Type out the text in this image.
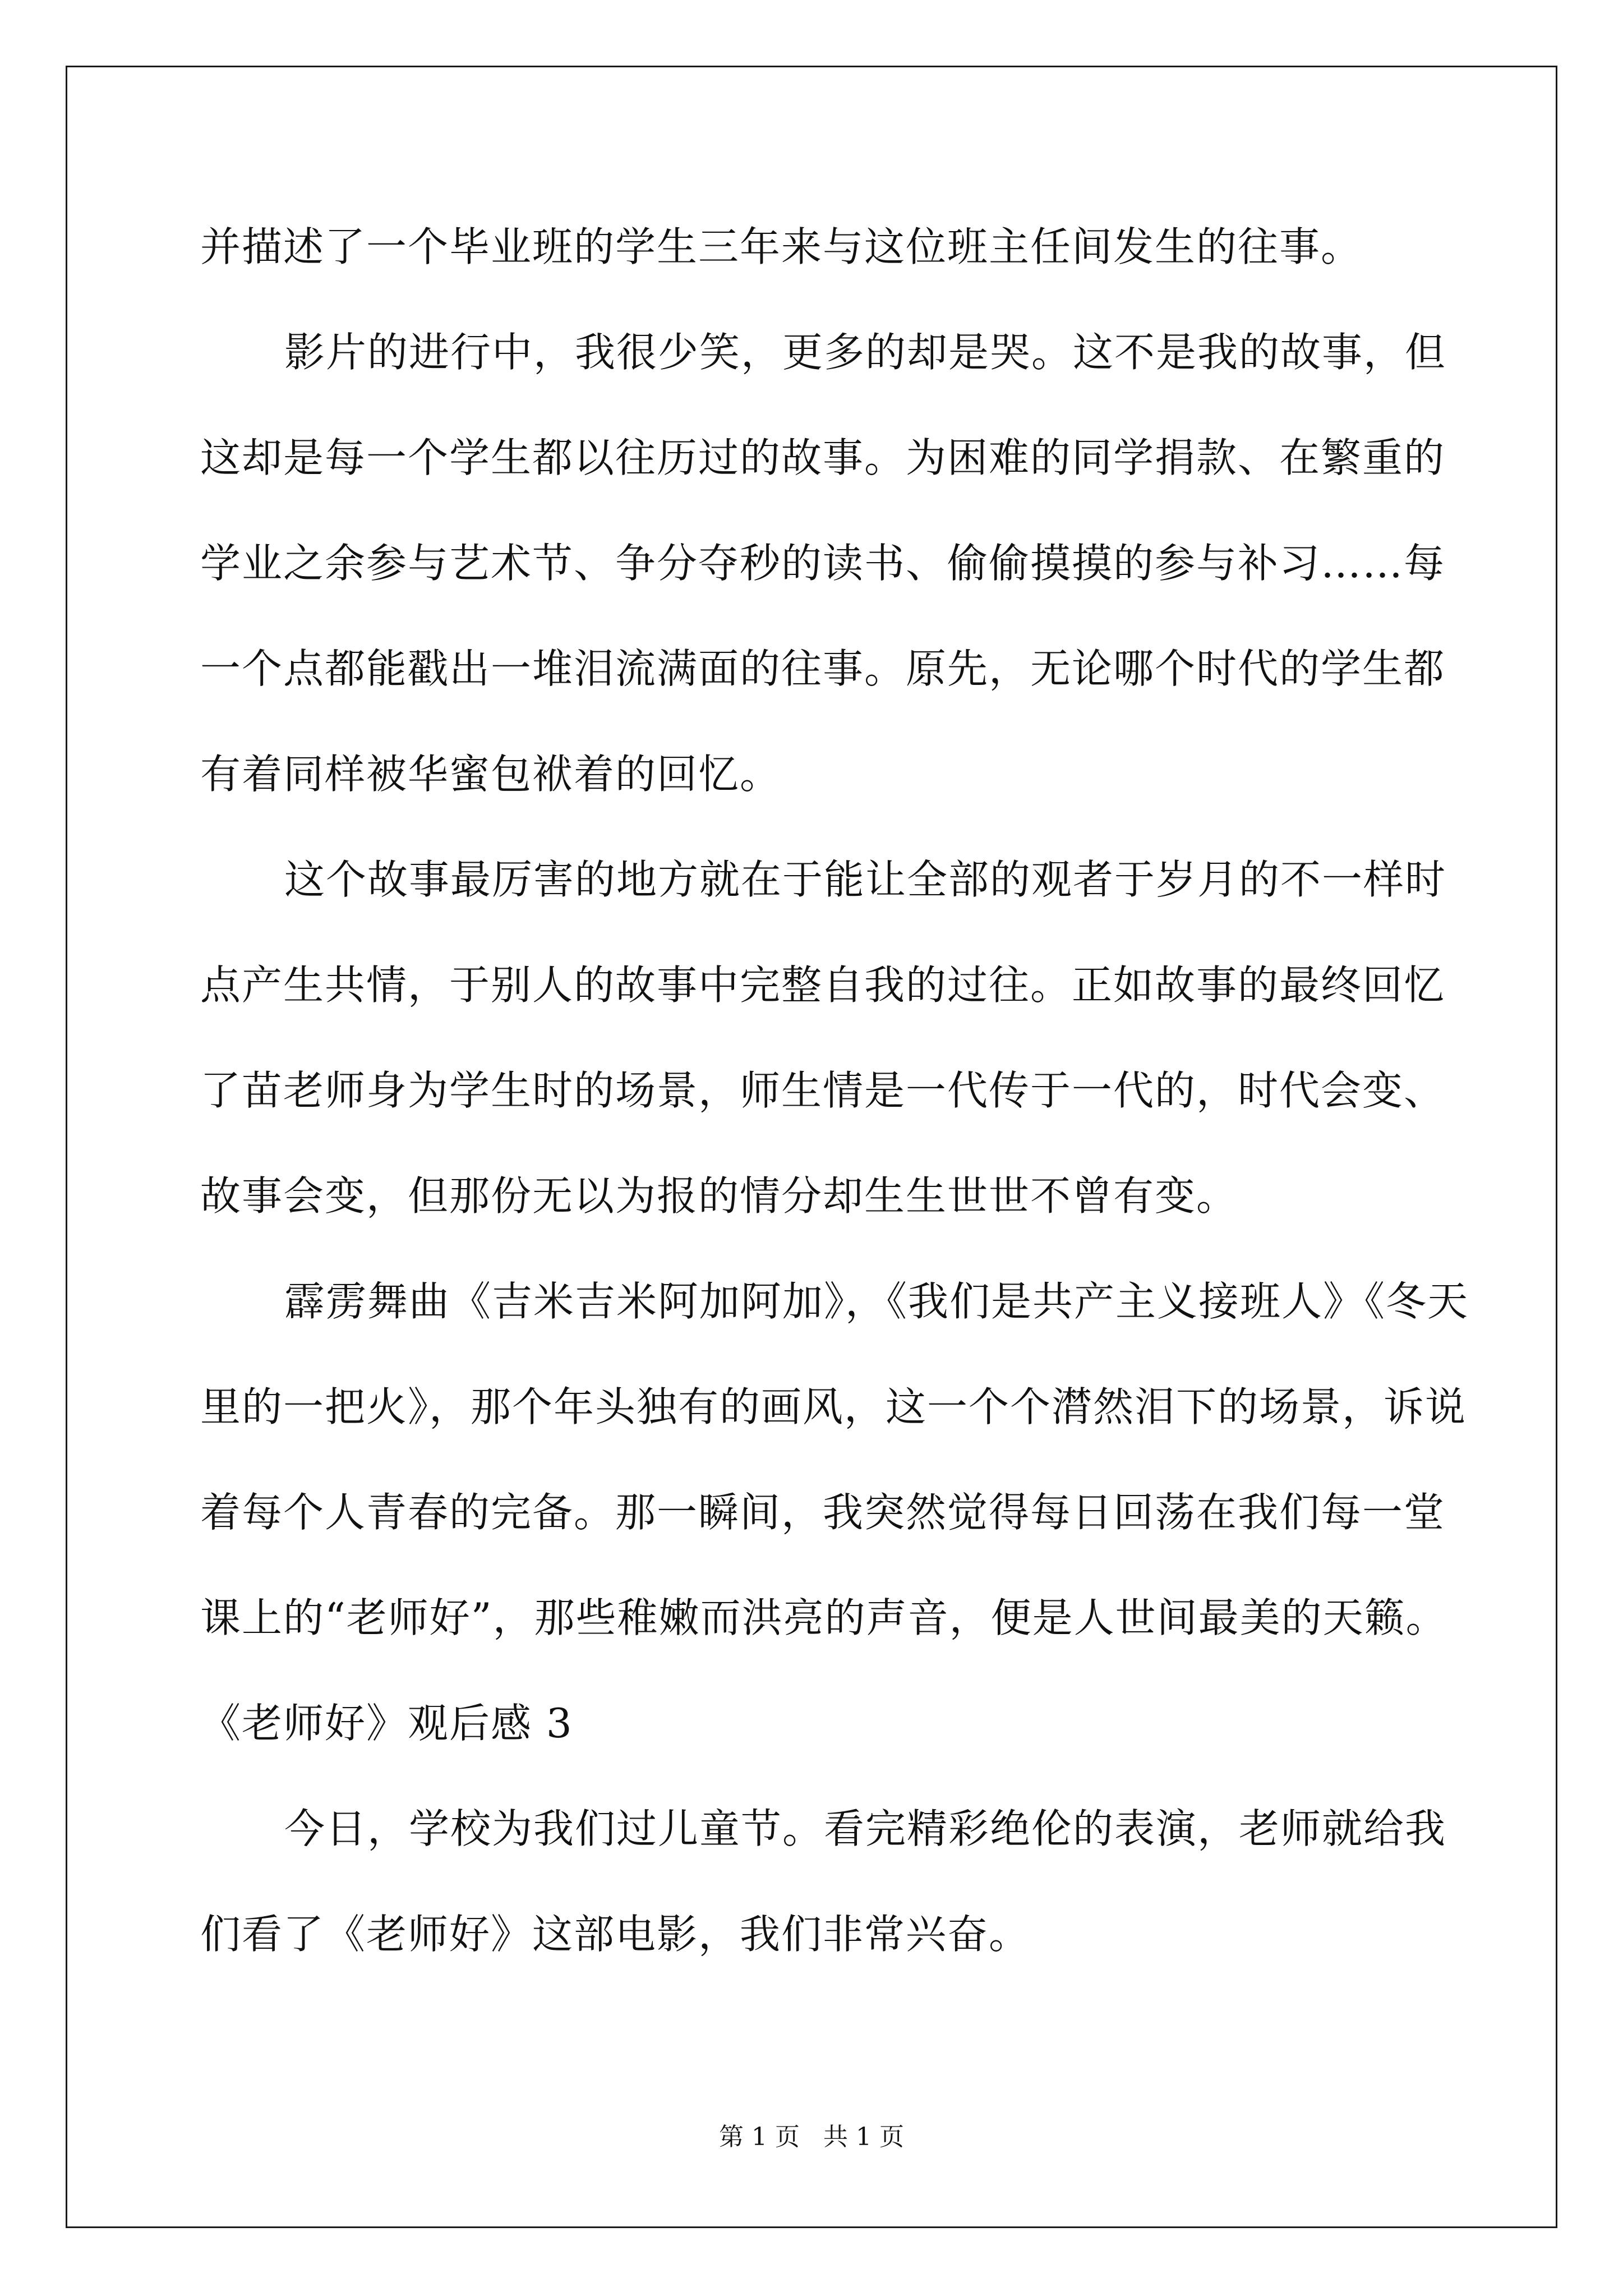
并描述了一个毕业班的学生三年来与这位班主任间发生的往事。
影片的进行中，我很少笑，更多的却是哭。这不是我的故事，但
这却是每一个学生都以往历过的故事。为困难的同学捐款、在繁重的
学业之余参与艺术节、争分夺秒的读书、偷偷摸摸的参与补习……每
一个点都能戳出一堆泪流满面的往事。原先，无论哪个时代的学生都
有着同样被华蜜包袱着的回忆。
这个故事最厉害的地方就在于能让全部的观者于岁月的不一样时
点产生共情，于别人的故事中完整自我的过往。正如故事的最终回忆
了苗老师身为学生时的场景，师生情是一代传于一代的，时代会变、
故事会变，但那份无以为报的情分却生生世世不曾有变。
霹雳舞曲《吉米吉米阿加阿加》，《我们是共产主义接班人》《冬天
里的一把火》，那个年头独有的画风，这一个个潸然泪下的场景，诉说
着每个人青春的完备。那一瞬间，我突然觉得每日回荡在我们每一堂
课上的“老师好”，那些稚嫩而洪亮的声音，便是人世间最美的天籁。
《老师好》观后感 3
今日，学校为我们过儿童节。看完精彩绝伦的表演，老师就给我
们看了《老师好》这部电影，我们非常兴奋。
第 1 页   共 1 页
